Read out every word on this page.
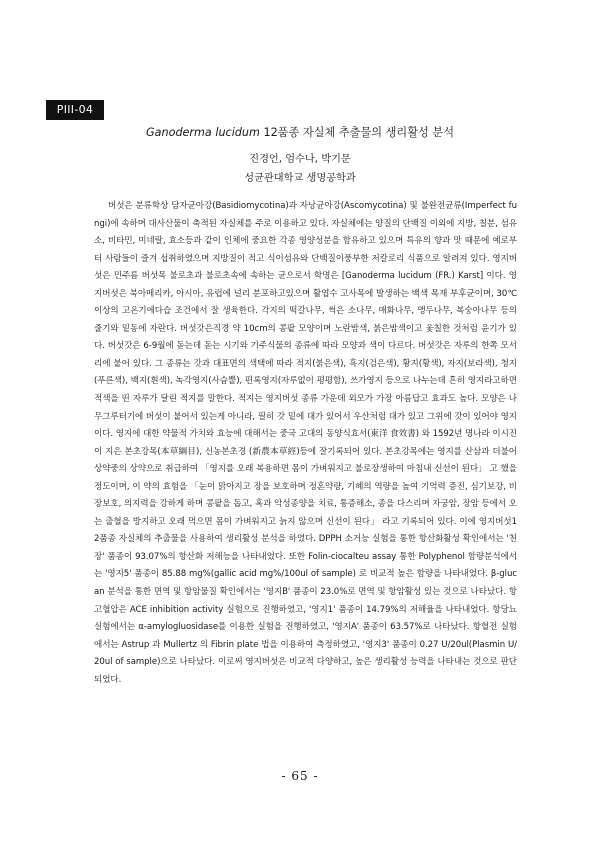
PIII-04
Ganoderma lucidum 12품종 자실체 추출물의 생리활성 분석
진경언, 엄수나, 박기문
성균관대학교 생명공학과

버섯은 분류학상 담자균아강(Basidiomycotina)과 자낭균아강(Ascomycotina) 및 불완전균류(Imperfect fungi)에 속하며 대사산물이 축적된 자실체를 주로 이용하고 있다. 자실체에는 양질의 단백질 이외에 지방, 칠분, 섬유소, 비타민, 미네랄, 효소등과 같이 인체에 중요한 각종 영양성분을 함유하고 있으며 특유의 향과 맛 때문에 예로부터 사람들이 즐겨 섭취하였으며 지방질이 적고 식이섬유와 단백질이풍부한 저칼로리 식품으로 알려져 있다. 영지버섯은 민주름 버섯목 불로초과 불로초속에 속하는 균으로서 학명은 [Ganoderma lucidum (FR.) Karst] 이다. 영지버섯은 북아메리카, 아시아, 유럽에 널리 분포하고있으며 활엽수 고사목에 발생하는 백색 목재 부후균이며, 30℃이상의 고온기에다습 조건에서 잘 생육한다. 각지의 떡갈나무, 썩은 소나무, 매화나무, 앵두나무, 복숭아나무 등의 줄기와 밑동에 자란다. 버섯갓은직경 약 10cm의 콩팥 모양이며 노란밤색, 붉은밤색이고 옻칠한 것처럼 윤기가 있다. 버섯갓은 6-9월에 돋는데 돋는 시기와 기주식물의 종류에 따라 모양과 색이 다르다. 버섯갓은 자루의 한쪽 모서리에 붙어 있다. 그 종류는 갓과 대표면의 색택에 따라 적지(붉은색), 흑지(검은색), 황지(황색), 자지(보라색), 청지(푸른색), 백지(흰색), 녹각영지(사슴뿔), 편록영지(자루없이 평평함), 쓰가영지 등으로 나누는데 흔히 영지라고하면 적색을 띤 자루가 달린 적지를 말한다. 적지는 영지버섯 종류 가운데 외모가 가장 아름답고 효과도 높다. 모양은 나무그루터기에 버섯이 붙어서 있는게 아니라, 필히 갓 밑에 대가 있어서 우산처럼 대가 있고 그위에 갓이 있어야 영지이다. 영지에 대한 약물적 가치와 효능에 대해서는 중국 고대의 동양식효서(東洋 食效書) 와 1592년 명나라 이시진이 지은 본초강목(本草綱目), 신농본초경 (新農本草經)등에 잘기록되어 있다. 본초강목에는 영지를 산삼과 더불어 상약중의 상약으로 취급하여 「영지를 오래 복용하면 몸이 가벼워지고 불로장생하여 마침내 신선이 된다」 고 했을 정도이며, 이 약의 효험을 「눈이 맑아지고 장을 보호하며 정혼약량, 기혜의 역량을 높여 기억력 증진, 심기보강, 비장보호, 의지력을 강하게 하며 콩팥을 돕고, 혹과 악성종양을 치료, 통증해소, 종을 다스리며 자궁암, 장암 등에서 오는 출혈을 방지하고 오래 먹으면 몸이 가벼워지고 늙지 않으며 신선이 된다」 라고 기록되어 있다. 이에 영지버섯12품종 자실체의 추출물을 사용하여 생리활성 분석을 하였다. DPPH 소거능 실험을 통한 항산화활성 확인에서는 '천장' 품종이 93.07%의 항산화 저해능을 나타내었다. 또한 Folin-ciocalteu assay 통한 Polyphenol 함량분석에서는 '영지5' 품종이 85.88 mg%(gallic acid mg%/100ul of sample) 로 비교적 높은 함량을 나타내었다. β-glucan 분석을 통한 면역 및 항암물질 확인에서는 '영지B' 품종이 23.0%로 면역 및 항암활성 있는 것으로 나타났다. 항고혈압은 ACE inhibition activity 실험으로 진행하였고, '영지1' 품종이 14.79%의 저해율을 나타내었다. 항당뇨 실험에서는 α-amylogluosidase를 이용한 실험을 진행하였고, '영지A' 품종이 63.57%로 나타났다. 항혈전 실험에서는 Astrup 과 Mullertz 의 Fibrin plate 법을 이용하여 측정하였고, '영지3' 품종이 0.27 U/20ul(Plasmin U/20ul of sample)으로 나타났다. 이로써 영지버섯은 비교적 다양하고, 높은 생리활성 능력을 나타내는 것으로 판단되었다.

- 65 -
